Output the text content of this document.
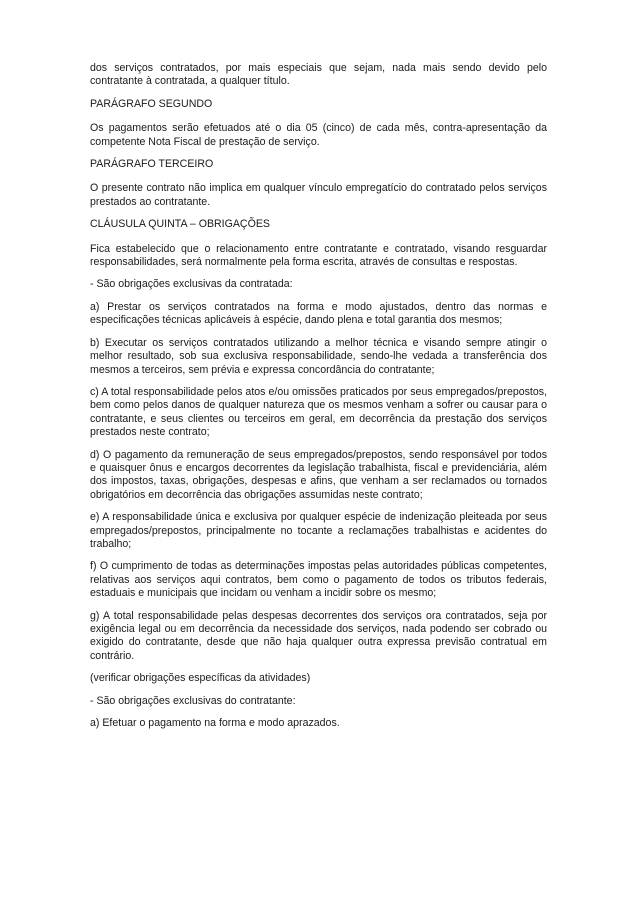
dos serviços contratados, por mais especiais que sejam, nada mais sendo devido pelo contratante à contratada, a qualquer título.

PARÁGRAFO SEGUNDO

Os pagamentos serão efetuados até o dia 05 (cinco) de cada mês, contra-apresentação da competente Nota Fiscal de prestação de serviço.

PARÁGRAFO TERCEIRO

O presente contrato não implica em qualquer vínculo empregatício do contratado pelos serviços prestados ao contratante.

CLÁUSULA QUINTA – OBRIGAÇÕES

Fica estabelecido que o relacionamento entre contratante e contratado, visando resguardar responsabilidades, será normalmente pela forma escrita, através de consultas e respostas.

- São obrigações exclusivas da contratada:

a) Prestar os serviços contratados na forma e modo ajustados, dentro das normas e especificações técnicas aplicáveis à espécie, dando plena e total garantia dos mesmos;

b) Executar os serviços contratados utilizando a melhor técnica e visando sempre atingir o melhor resultado, sob sua exclusiva responsabilidade, sendo-lhe vedada a transferência dos mesmos a terceiros, sem prévia e expressa concordância do contratante;

c) A total responsabilidade pelos atos e/ou omissões praticados por seus empregados/prepostos, bem como pelos danos de qualquer natureza que os mesmos venham a sofrer ou causar para o contratante, e seus clientes ou terceiros em geral, em decorrência da prestação dos serviços prestados neste contrato;

d) O pagamento da remuneração de seus empregados/prepostos, sendo responsável por todos e quaisquer ônus e encargos decorrentes da legislação trabalhista, fiscal e previdenciária, além dos impostos, taxas, obrigações, despesas e afins, que venham a ser reclamados ou tornados obrigatórios em decorrência das obrigações assumidas neste contrato;

e) A responsabilidade única e exclusiva por qualquer espécie de indenização pleiteada por seus empregados/prepostos, principalmente no tocante a reclamações trabalhistas e acidentes do trabalho;

f) O cumprimento de todas as determinações impostas pelas autoridades públicas competentes, relativas aos serviços aqui contratos, bem como o pagamento de todos os tributos federais, estaduais e municipais que incidam ou venham a incidir sobre os mesmo;

g) A total responsabilidade pelas despesas decorrentes dos serviços ora contratados, seja por exigência legal ou em decorrência da necessidade dos serviços, nada podendo ser cobrado ou exigido do contratante, desde que não haja qualquer outra expressa previsão contratual em contrário.

(verificar obrigações específicas da atividades)

- São obrigações exclusivas do contratante:

a) Efetuar o pagamento na forma e modo aprazados.
